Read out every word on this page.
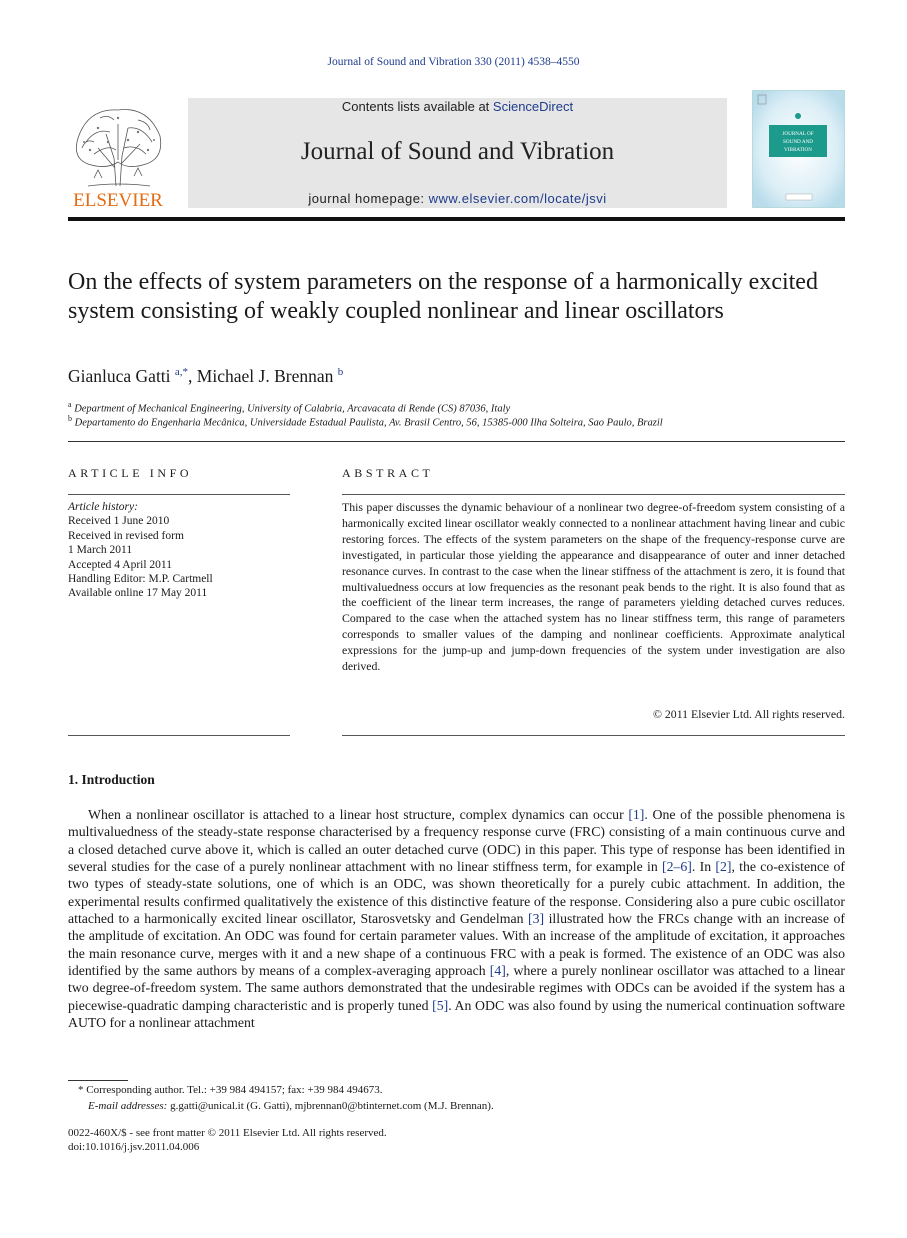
Journal of Sound and Vibration 330 (2011) 4538–4550
ELSEVIER
Contents lists available at ScienceDirect
Journal of Sound and Vibration
journal homepage: www.elsevier.com/locate/jsvi
JOURNAL OF
SOUND AND
VIBRATION
On the effects of system parameters on the response of a harmonically excited system consisting of weakly coupled nonlinear and linear oscillators
Gianluca Gatti $^{a,*}$, Michael J. Brennan $^b$
$^a$ Department of Mechanical Engineering, University of Calabria, Arcavacata di Rende (CS) 87036, Italy
$^b$ Departamento do Engenharia Mecânica, Universidade Estadual Paulista, Av. Brasil Centro, 56, 15385-000 Ilha Solteira, Sao Paulo, Brazil
ARTICLE INFO	ABSTRACT
Article history:
Received 1 June 2010
Received in revised form
1 March 2011
Accepted 4 April 2011
Handling Editor: M.P. Cartmell
Available online 17 May 2011
This paper discusses the dynamic behaviour of a nonlinear two degree-of-freedom system consisting of a harmonically excited linear oscillator weakly connected to a nonlinear attachment having linear and cubic restoring forces. The effects of the system parameters on the shape of the frequency-response curve are investigated, in particular those yielding the appearance and disappearance of outer and inner detached resonance curves. In contrast to the case when the linear stiffness of the attachment is zero, it is found that multivaluedness occurs at low frequencies as the resonant peak bends to the right. It is also found that as the coefficient of the linear term increases, the range of parameters yielding detached curves reduces. Compared to the case when the attached system has no linear stiffness term, this range of parameters corresponds to smaller values of the damping and nonlinear coefficients. Approximate analytical expressions for the jump-up and jump-down frequencies of the system under investigation are also derived.
© 2011 Elsevier Ltd. All rights reserved.
1. Introduction

When a nonlinear oscillator is attached to a linear host structure, complex dynamics can occur [1]. One of the possible phenomena is multivaluedness of the steady-state response characterised by a frequency response curve (FRC) consisting of a main continuous curve and a closed detached curve above it, which is called an outer detached curve (ODC) in this paper. This type of response has been identified in several studies for the case of a purely nonlinear attachment with no linear stiffness term, for example in [2–6]. In [2], the co-existence of two types of steady-state solutions, one of which is an ODC, was shown theoretically for a purely cubic attachment. In addition, the experimental results confirmed qualitatively the existence of this distinctive feature of the response. Considering also a pure cubic oscillator attached to a harmonically excited linear oscillator, Starosvetsky and Gendelman [3] illustrated how the FRCs change with an increase of the amplitude of excitation. An ODC was found for certain parameter values. With an increase of the amplitude of excitation, it approaches the main resonance curve, merges with it and a new shape of a continuous FRC with a peak is formed. The existence of an ODC was also identified by the same authors by means of a complex-averaging approach [4], where a purely nonlinear oscillator was attached to a linear two degree-of-freedom system. The same authors demonstrated that the undesirable regimes with ODCs can be avoided if the system has a piecewise-quadratic damping characteristic and is properly tuned [5]. An ODC was also found by using the numerical continuation software AUTO for a nonlinear attachment

* Corresponding author. Tel.: +39 984 494157; fax: +39 984 494673.
E-mail addresses: g.gatti@unical.it (G. Gatti), mjbrennan0@btinternet.com (M.J. Brennan).
0022-460X/$ - see front matter © 2011 Elsevier Ltd. All rights reserved.
doi:10.1016/j.jsv.2011.04.006
